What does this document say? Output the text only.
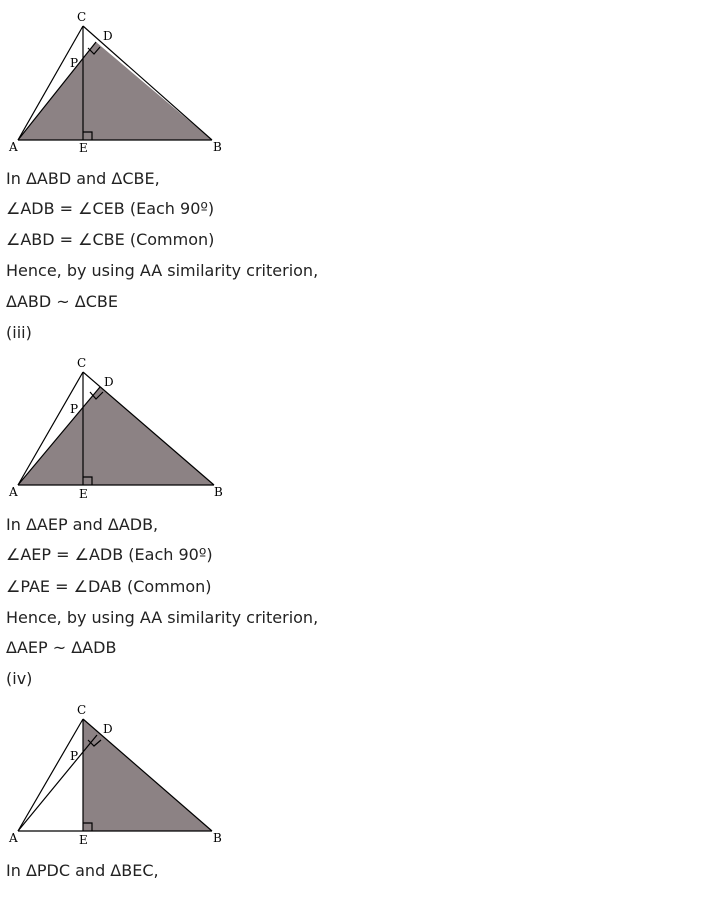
C
D
P
A	E	B
In ΔABD and ΔCBE,
∠ADB = ∠CEB (Each 90º)
∠ABD = ∠CBE (Common)
Hence, by using AA similarity criterion,
ΔABD ~ ΔCBE
(iii)
C
D
P
A	E	B
In ΔAEP and ΔADB,
∠AEP = ∠ADB (Each 90º)
∠PAE = ∠DAB (Common)
Hence, by using AA similarity criterion,
ΔAEP ~ ΔADB
(iv)
C
D
P
A	E	B
In ΔPDC and ΔBEC,
